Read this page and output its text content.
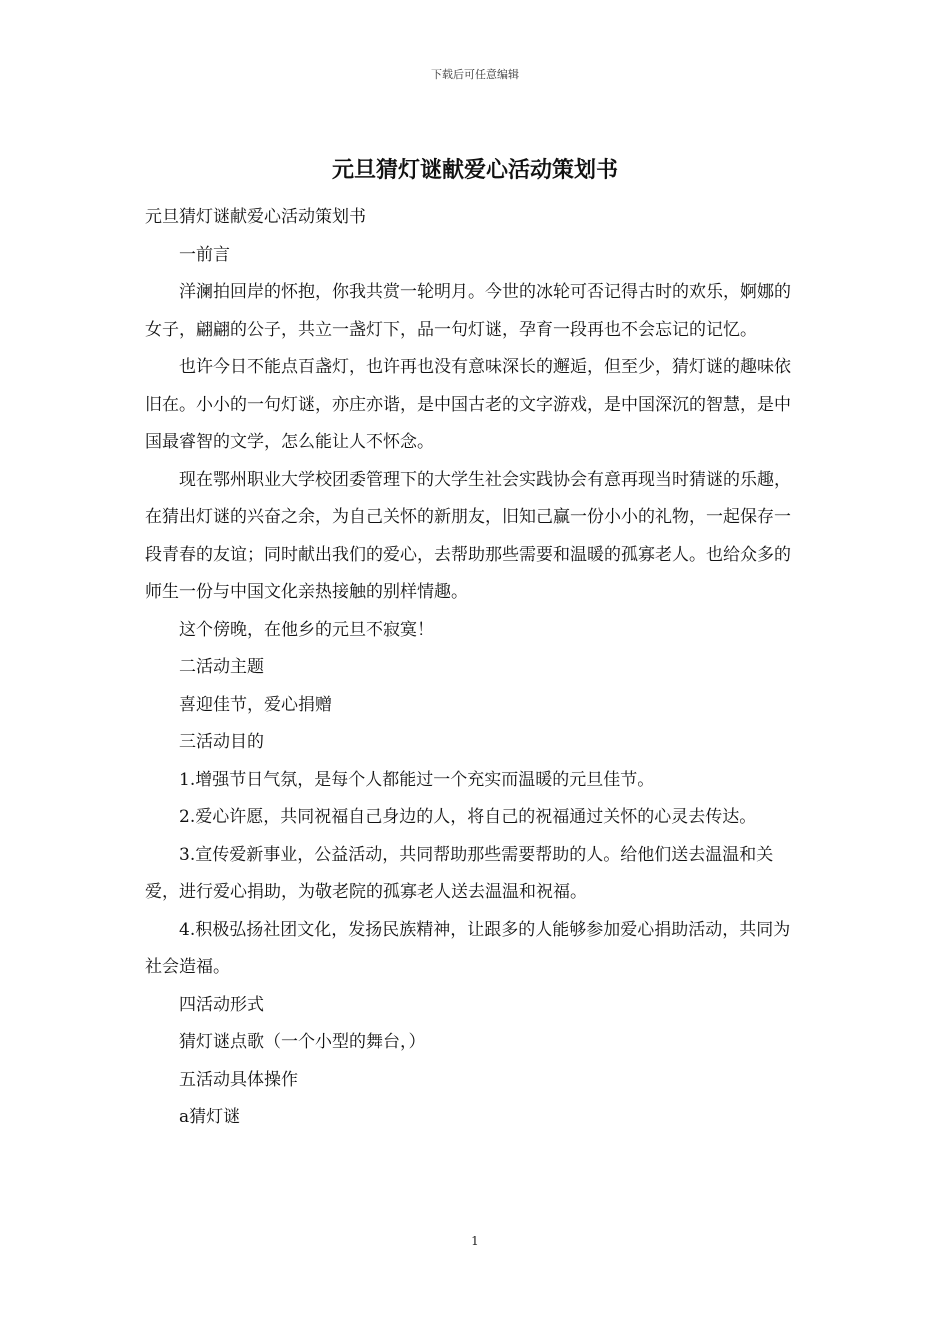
下载后可任意编辑
元旦猜灯谜献爱心活动策划书

元旦猜灯谜献爱心活动策划书

一前言

洋澜拍回岸的怀抱，你我共赏一轮明月。今世的冰轮可否记得古时的欢乐，婀娜的女子，翩翩的公子，共立一盏灯下，品一句灯谜，孕育一段再也不会忘记的记忆。

也许今日不能点百盏灯，也许再也没有意味深长的邂逅，但至少，猜灯谜的趣味依旧在。小小的一句灯谜，亦庄亦谐，是中国古老的文字游戏，是中国深沉的智慧，是中国最睿智的文学，怎么能让人不怀念。

现在鄂州职业大学校团委管理下的大学生社会实践协会有意再现当时猜谜的乐趣，在猜出灯谜的兴奋之余，为自己关怀的新朋友，旧知己赢一份小小的礼物，一起保存一段青春的友谊；同时献出我们的爱心，去帮助那些需要和温暖的孤寡老人。也给众多的师生一份与中国文化亲热接触的别样情趣。

这个傍晚，在他乡的元旦不寂寞！

二活动主题

喜迎佳节，爱心捐赠

三活动目的

1.增强节日气氛，是每个人都能过一个充实而温暖的元旦佳节。

2.爱心许愿，共同祝福自己身边的人，将自己的祝福通过关怀的心灵去传达。

3.宣传爱新事业，公益活动，共同帮助那些需要帮助的人。给他们送去温温和关爱，进行爱心捐助，为敬老院的孤寡老人送去温温和祝福。

4.积极弘扬社团文化，发扬民族精神，让跟多的人能够参加爱心捐助活动，共同为社会造福。

四活动形式

猜灯谜点歌（一个小型的舞台，）

五活动具体操作

a猜灯谜

1
